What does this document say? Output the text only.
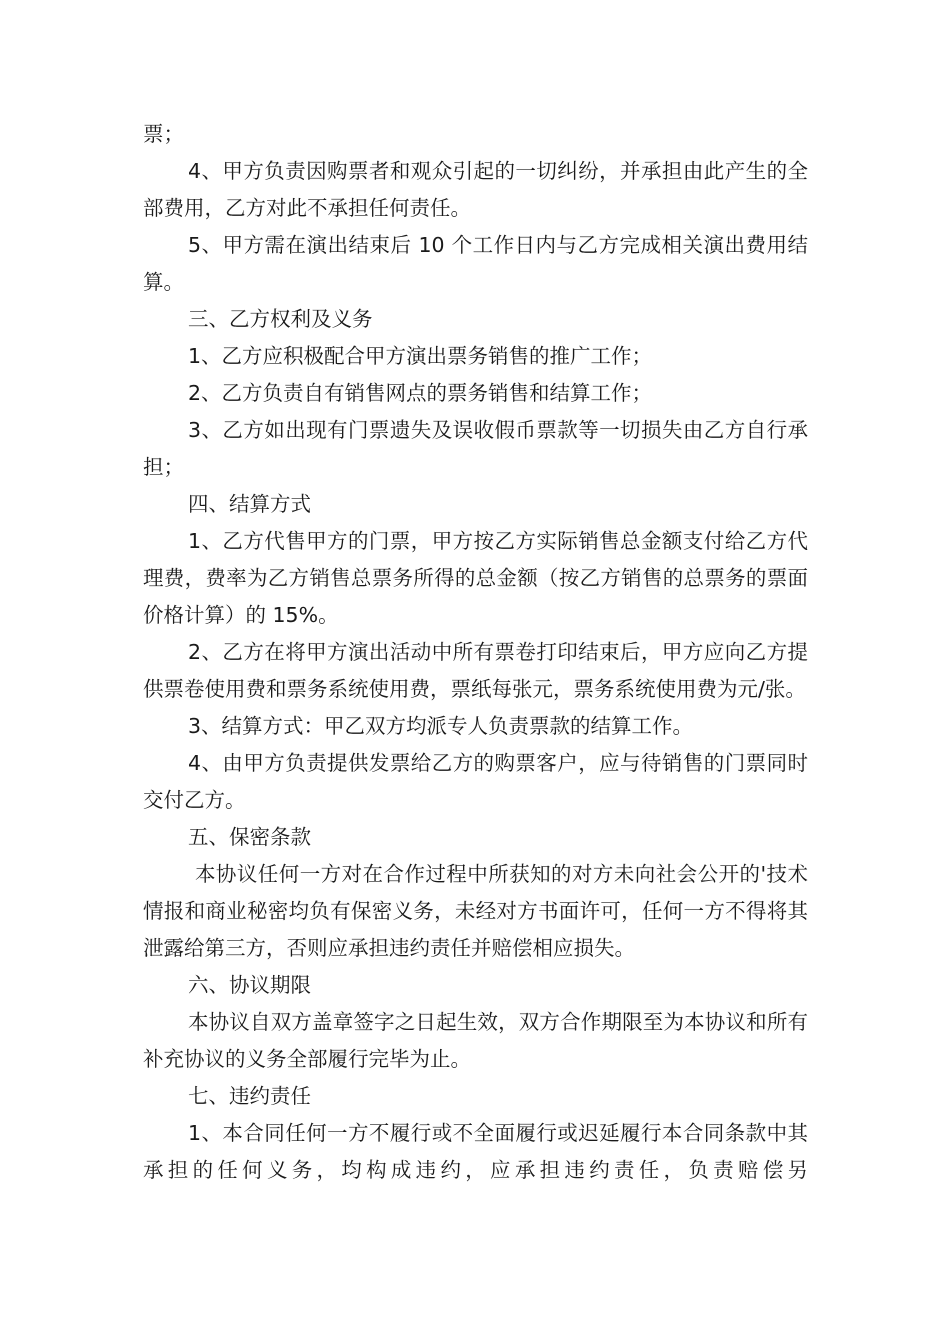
票；

4、甲方负责因购票者和观众引起的一切纠纷，并承担由此产生的全部费用，乙方对此不承担任何责任。

5、甲方需在演出结束后 10 个工作日内与乙方完成相关演出费用结算。

三、乙方权利及义务

1、乙方应积极配合甲方演出票务销售的推广工作；

2、乙方负责自有销售网点的票务销售和结算工作；

3、乙方如出现有门票遗失及误收假币票款等一切损失由乙方自行承担；

四、结算方式

1、乙方代售甲方的门票，甲方按乙方实际销售总金额支付给乙方代理费，费率为乙方销售总票务所得的总金额（按乙方销售的总票务的票面价格计算）的 15%。

2、乙方在将甲方演出活动中所有票卷打印结束后，甲方应向乙方提供票卷使用费和票务系统使用费，票纸每张元，票务系统使用费为元/张。

3、结算方式：甲乙双方均派专人负责票款的结算工作。

4、由甲方负责提供发票给乙方的购票客户，应与待销售的门票同时交付乙方。

五、保密条款

本协议任何一方对在合作过程中所获知的对方未向社会公开的'技术情报和商业秘密均负有保密义务，未经对方书面许可，任何一方不得将其泄露给第三方，否则应承担违约责任并赔偿相应损失。

六、协议期限

本协议自双方盖章签字之日起生效，双方合作期限至为本协议和所有补充协议的义务全部履行完毕为止。

七、违约责任

1、本合同任何一方不履行或不全面履行或迟延履行本合同条款中其承担的任何义务，均构成违约，应承担违约责任，负责赔偿另
